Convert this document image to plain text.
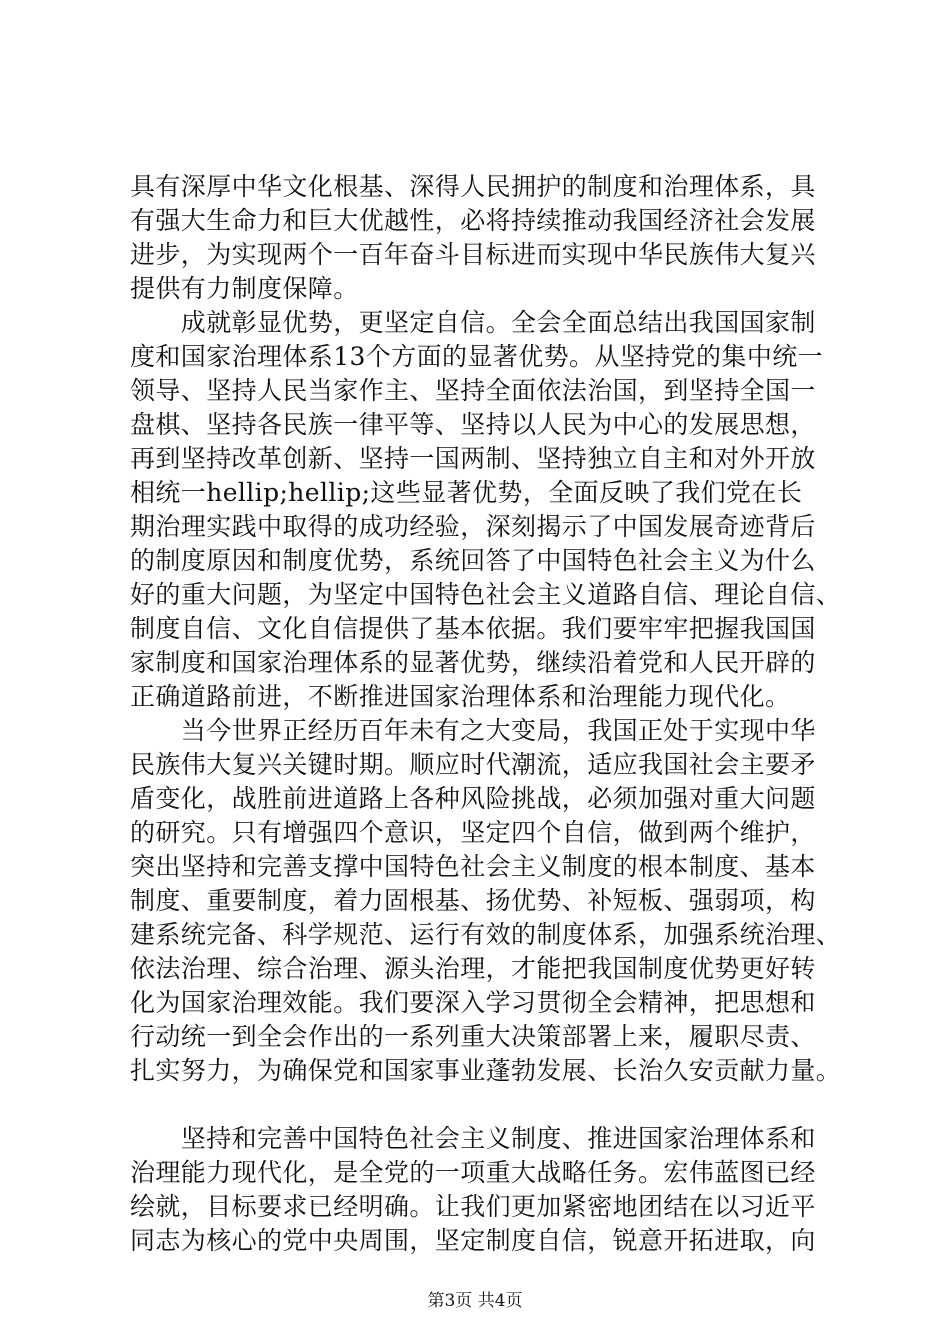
具有深厚中华文化根基、深得人民拥护的制度和治理体系，具
有强大生命力和巨大优越性，必将持续推动我国经济社会发展
进步，为实现两个一百年奋斗目标进而实现中华民族伟大复兴
提供有力制度保障。
　　成就彰显优势，更坚定自信。全会全面总结出我国国家制
度和国家治理体系13个方面的显著优势。从坚持党的集中统一
领导、坚持人民当家作主、坚持全面依法治国，到坚持全国一
盘棋、坚持各民族一律平等、坚持以人民为中心的发展思想，
再到坚持改革创新、坚持一国两制、坚持独立自主和对外开放
相统一hellip;hellip;这些显著优势，全面反映了我们党在长
期治理实践中取得的成功经验，深刻揭示了中国发展奇迹背后
的制度原因和制度优势，系统回答了中国特色社会主义为什么
好的重大问题，为坚定中国特色社会主义道路自信、理论自信、
制度自信、文化自信提供了基本依据。我们要牢牢把握我国国
家制度和国家治理体系的显著优势，继续沿着党和人民开辟的
正确道路前进，不断推进国家治理体系和治理能力现代化。
　　当今世界正经历百年未有之大变局，我国正处于实现中华
民族伟大复兴关键时期。顺应时代潮流，适应我国社会主要矛
盾变化，战胜前进道路上各种风险挑战，必须加强对重大问题
的研究。只有增强四个意识，坚定四个自信，做到两个维护，
突出坚持和完善支撑中国特色社会主义制度的根本制度、基本
制度、重要制度，着力固根基、扬优势、补短板、强弱项，构
建系统完备、科学规范、运行有效的制度体系，加强系统治理、
依法治理、综合治理、源头治理，才能把我国制度优势更好转
化为国家治理效能。我们要深入学习贯彻全会精神，把思想和
行动统一到全会作出的一系列重大决策部署上来，履职尽责、
扎实努力，为确保党和国家事业蓬勃发展、长治久安贡献力量。
　　坚持和完善中国特色社会主义制度、推进国家治理体系和
治理能力现代化，是全党的一项重大战略任务。宏伟蓝图已经
绘就，目标要求已经明确。让我们更加紧密地团结在以习近平
同志为核心的党中央周围，坚定制度自信，锐意开拓进取，向
第3页 共4页
